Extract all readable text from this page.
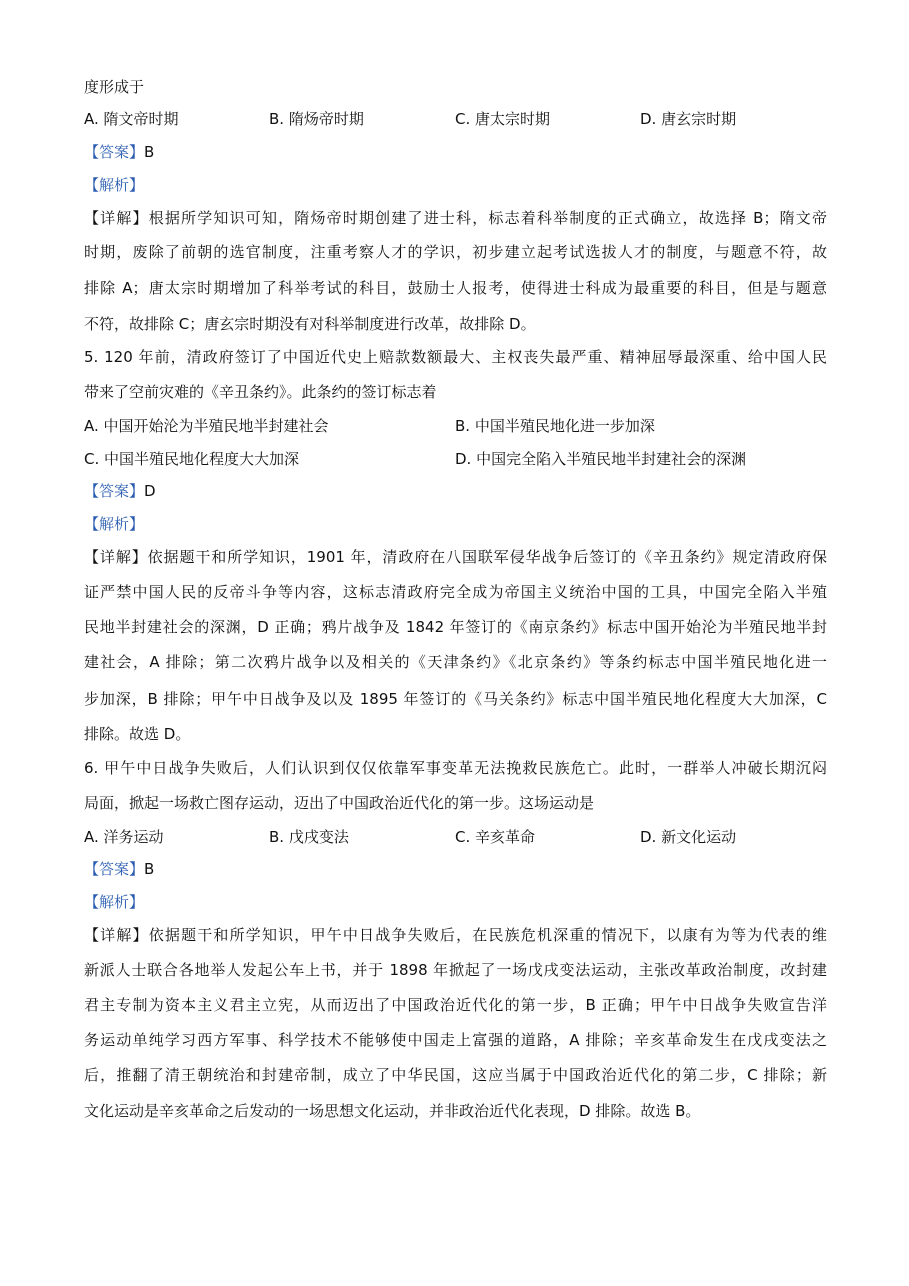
度形成于
A. 隋文帝时期	B. 隋炀帝时期	C. 唐太宗时期	D. 唐玄宗时期
【答案】B
【解析】
【详解】根据所学知识可知，隋炀帝时期创建了进士科，标志着科举制度的正式确立，故选择 B；隋文帝
时期，废除了前朝的选官制度，注重考察人才的学识，初步建立起考试选拔人才的制度，与题意不符，故
排除 A；唐太宗时期增加了科举考试的科目，鼓励士人报考，使得进士科成为最重要的科目，但是与题意
不符，故排除 C；唐玄宗时期没有对科举制度进行改革，故排除 D。
5. 120 年前，清政府签订了中国近代史上赔款数额最大、主权丧失最严重、精神屈辱最深重、给中国人民
带来了空前灾难的《辛丑条约》。此条约的签订标志着
A. 中国开始沦为半殖民地半封建社会	B. 中国半殖民地化进一步加深
C. 中国半殖民地化程度大大加深	D. 中国完全陷入半殖民地半封建社会的深渊
【答案】D
【解析】
【详解】依据题干和所学知识，1901 年，清政府在八国联军侵华战争后签订的《辛丑条约》规定清政府保
证严禁中国人民的反帝斗争等内容，这标志清政府完全成为帝国主义统治中国的工具，中国完全陷入半殖
民地半封建社会的深渊，D 正确；鸦片战争及 1842 年签订的《南京条约》标志中国开始沦为半殖民地半封
建社会，A 排除；第二次鸦片战争以及相关的《天津条约》《北京条约》等条约标志中国半殖民地化进一
步加深，B 排除；甲午中日战争及以及 1895 年签订的《马关条约》标志中国半殖民地化程度大大加深，C
排除。故选 D。
6. 甲午中日战争失败后，人们认识到仅仅依靠军事变革无法挽救民族危亡。此时，一群举人冲破长期沉闷
局面，掀起一场救亡图存运动，迈出了中国政治近代化的第一步。这场运动是
A. 洋务运动	B. 戊戌变法	C. 辛亥革命	D. 新文化运动
【答案】B
【解析】
【详解】依据题干和所学知识，甲午中日战争失败后，在民族危机深重的情况下，以康有为等为代表的维
新派人士联合各地举人发起公车上书，并于 1898 年掀起了一场戊戌变法运动，主张改革政治制度，改封建
君主专制为资本主义君主立宪，从而迈出了中国政治近代化的第一步，B 正确；甲午中日战争失败宣告洋
务运动单纯学习西方军事、科学技术不能够使中国走上富强的道路，A 排除；辛亥革命发生在戊戌变法之
后，推翻了清王朝统治和封建帝制，成立了中华民国，这应当属于中国政治近代化的第二步，C 排除；新
文化运动是辛亥革命之后发动的一场思想文化运动，并非政治近代化表现，D 排除。故选 B。
